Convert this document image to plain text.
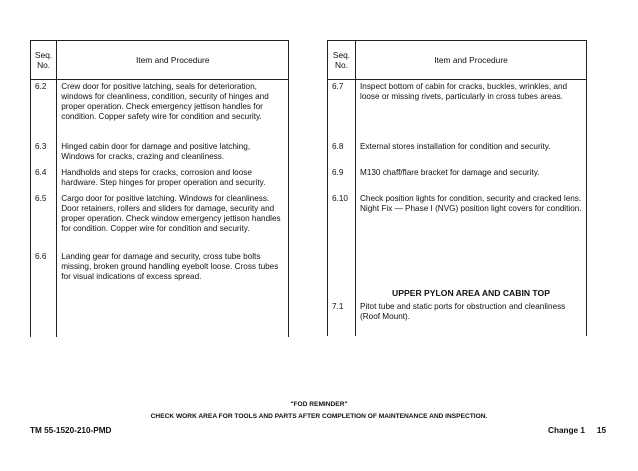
Seq.
No.	Item and Procedure
6.2	Crew door for positive latching, seals for deterioration, windows for cleanliness, condition, security of hinges and proper operation. Check emergency jettison handles for condition. Copper safety wire for condition and security.
6.3	Hinged cabin door for damage and positive latching, Windows for cracks, crazing and cleanliness.
6.4	Handholds and steps for cracks, corrosion and loose hardware. Step hinges for proper operation and security.
6.5	Cargo door for positive latching. Windows for cleanliness. Door retainers, rollers and sliders for damage, security and proper operation. Check window emergency jettison handles for condition. Copper wire for condition and security.
6.6	Landing gear for damage and security, cross tube bolts missing, broken ground handling eyebolt loose. Cross tubes for visual indications of excess spread.
Seq.
No.	Item and Procedure
6.7	Inspect bottom of cabin for cracks, buckles, wrinkles, and loose or missing rivets, particularly in cross tubes areas.
6.8	External stores installation for condition and security.
6.9	M130 chaff/flare bracket for damage and security.
6.10	Check position lights for condition, security and cracked lens. Night Fix — Phase I (NVG) position light covers for condition.
	UPPER PYLON AREA AND CABIN TOP
7.1	Pitot tube and static ports for obstruction and cleanliness (Roof Mount).
"FOD REMINDER"
CHECK WORK AREA FOR TOOLS AND PARTS AFTER COMPLETION OF MAINTENANCE AND INSPECTION.
TM 55-1520-210-PMD	Change 1 15
